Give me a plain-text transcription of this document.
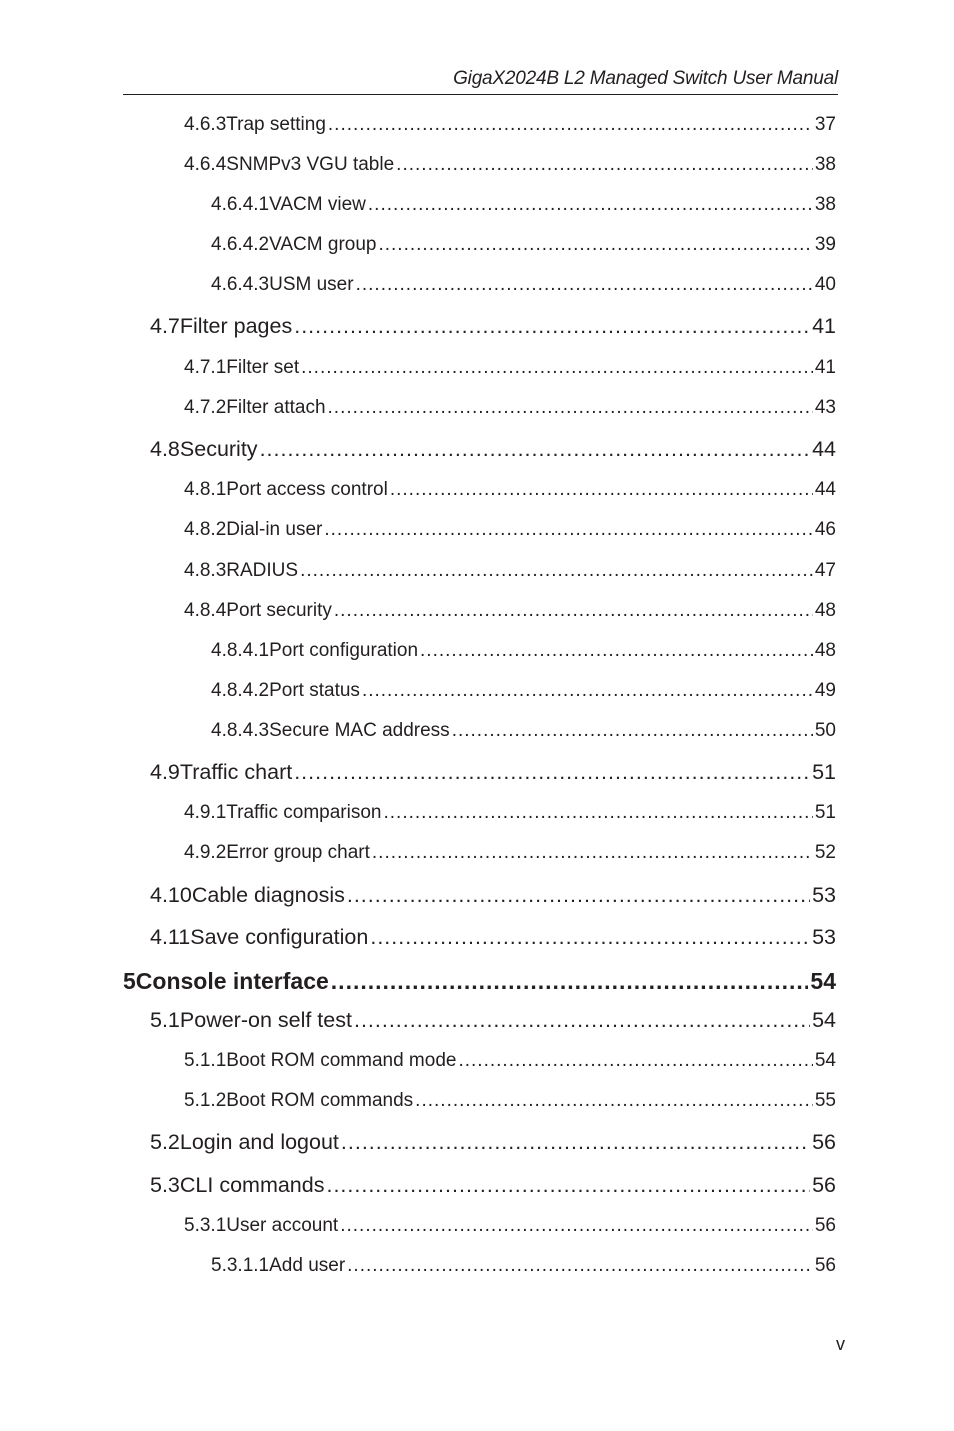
GigaX2024B L2 Managed Switch User Manual
4.6.3 Trap setting .....	37
4.6.4 SNMPv3 VGU table .....	38
4.6.4.1 VACM view .....	38
4.6.4.2 VACM group .....	39
4.6.4.3 USM user .....	40
4.7 Filter pages .....	41
4.7.1 Filter set .....	41
4.7.2 Filter attach .....	43
4.8 Security .....	44
4.8.1 Port access control .....	44
4.8.2 Dial-in user .....	46
4.8.3 RADIUS .....	47
4.8.4 Port security .....	48
4.8.4.1 Port configuration .....	48
4.8.4.2 Port status .....	49
4.8.4.3 Secure MAC address .....	50
4.9 Traffic chart .....	51
4.9.1 Traffic comparison .....	51
4.9.2 Error group chart .....	52
4.10 Cable diagnosis .....	53
4.11 Save configuration .....	53
5 Console interface .....	54
5.1 Power-on self test .....	54
5.1.1 Boot ROM command mode .....	54
5.1.2 Boot ROM commands .....	55
5.2 Login and logout .....	56
5.3 CLI commands .....	56
5.3.1 User account .....	56
5.3.1.1 Add user .....	56
v
